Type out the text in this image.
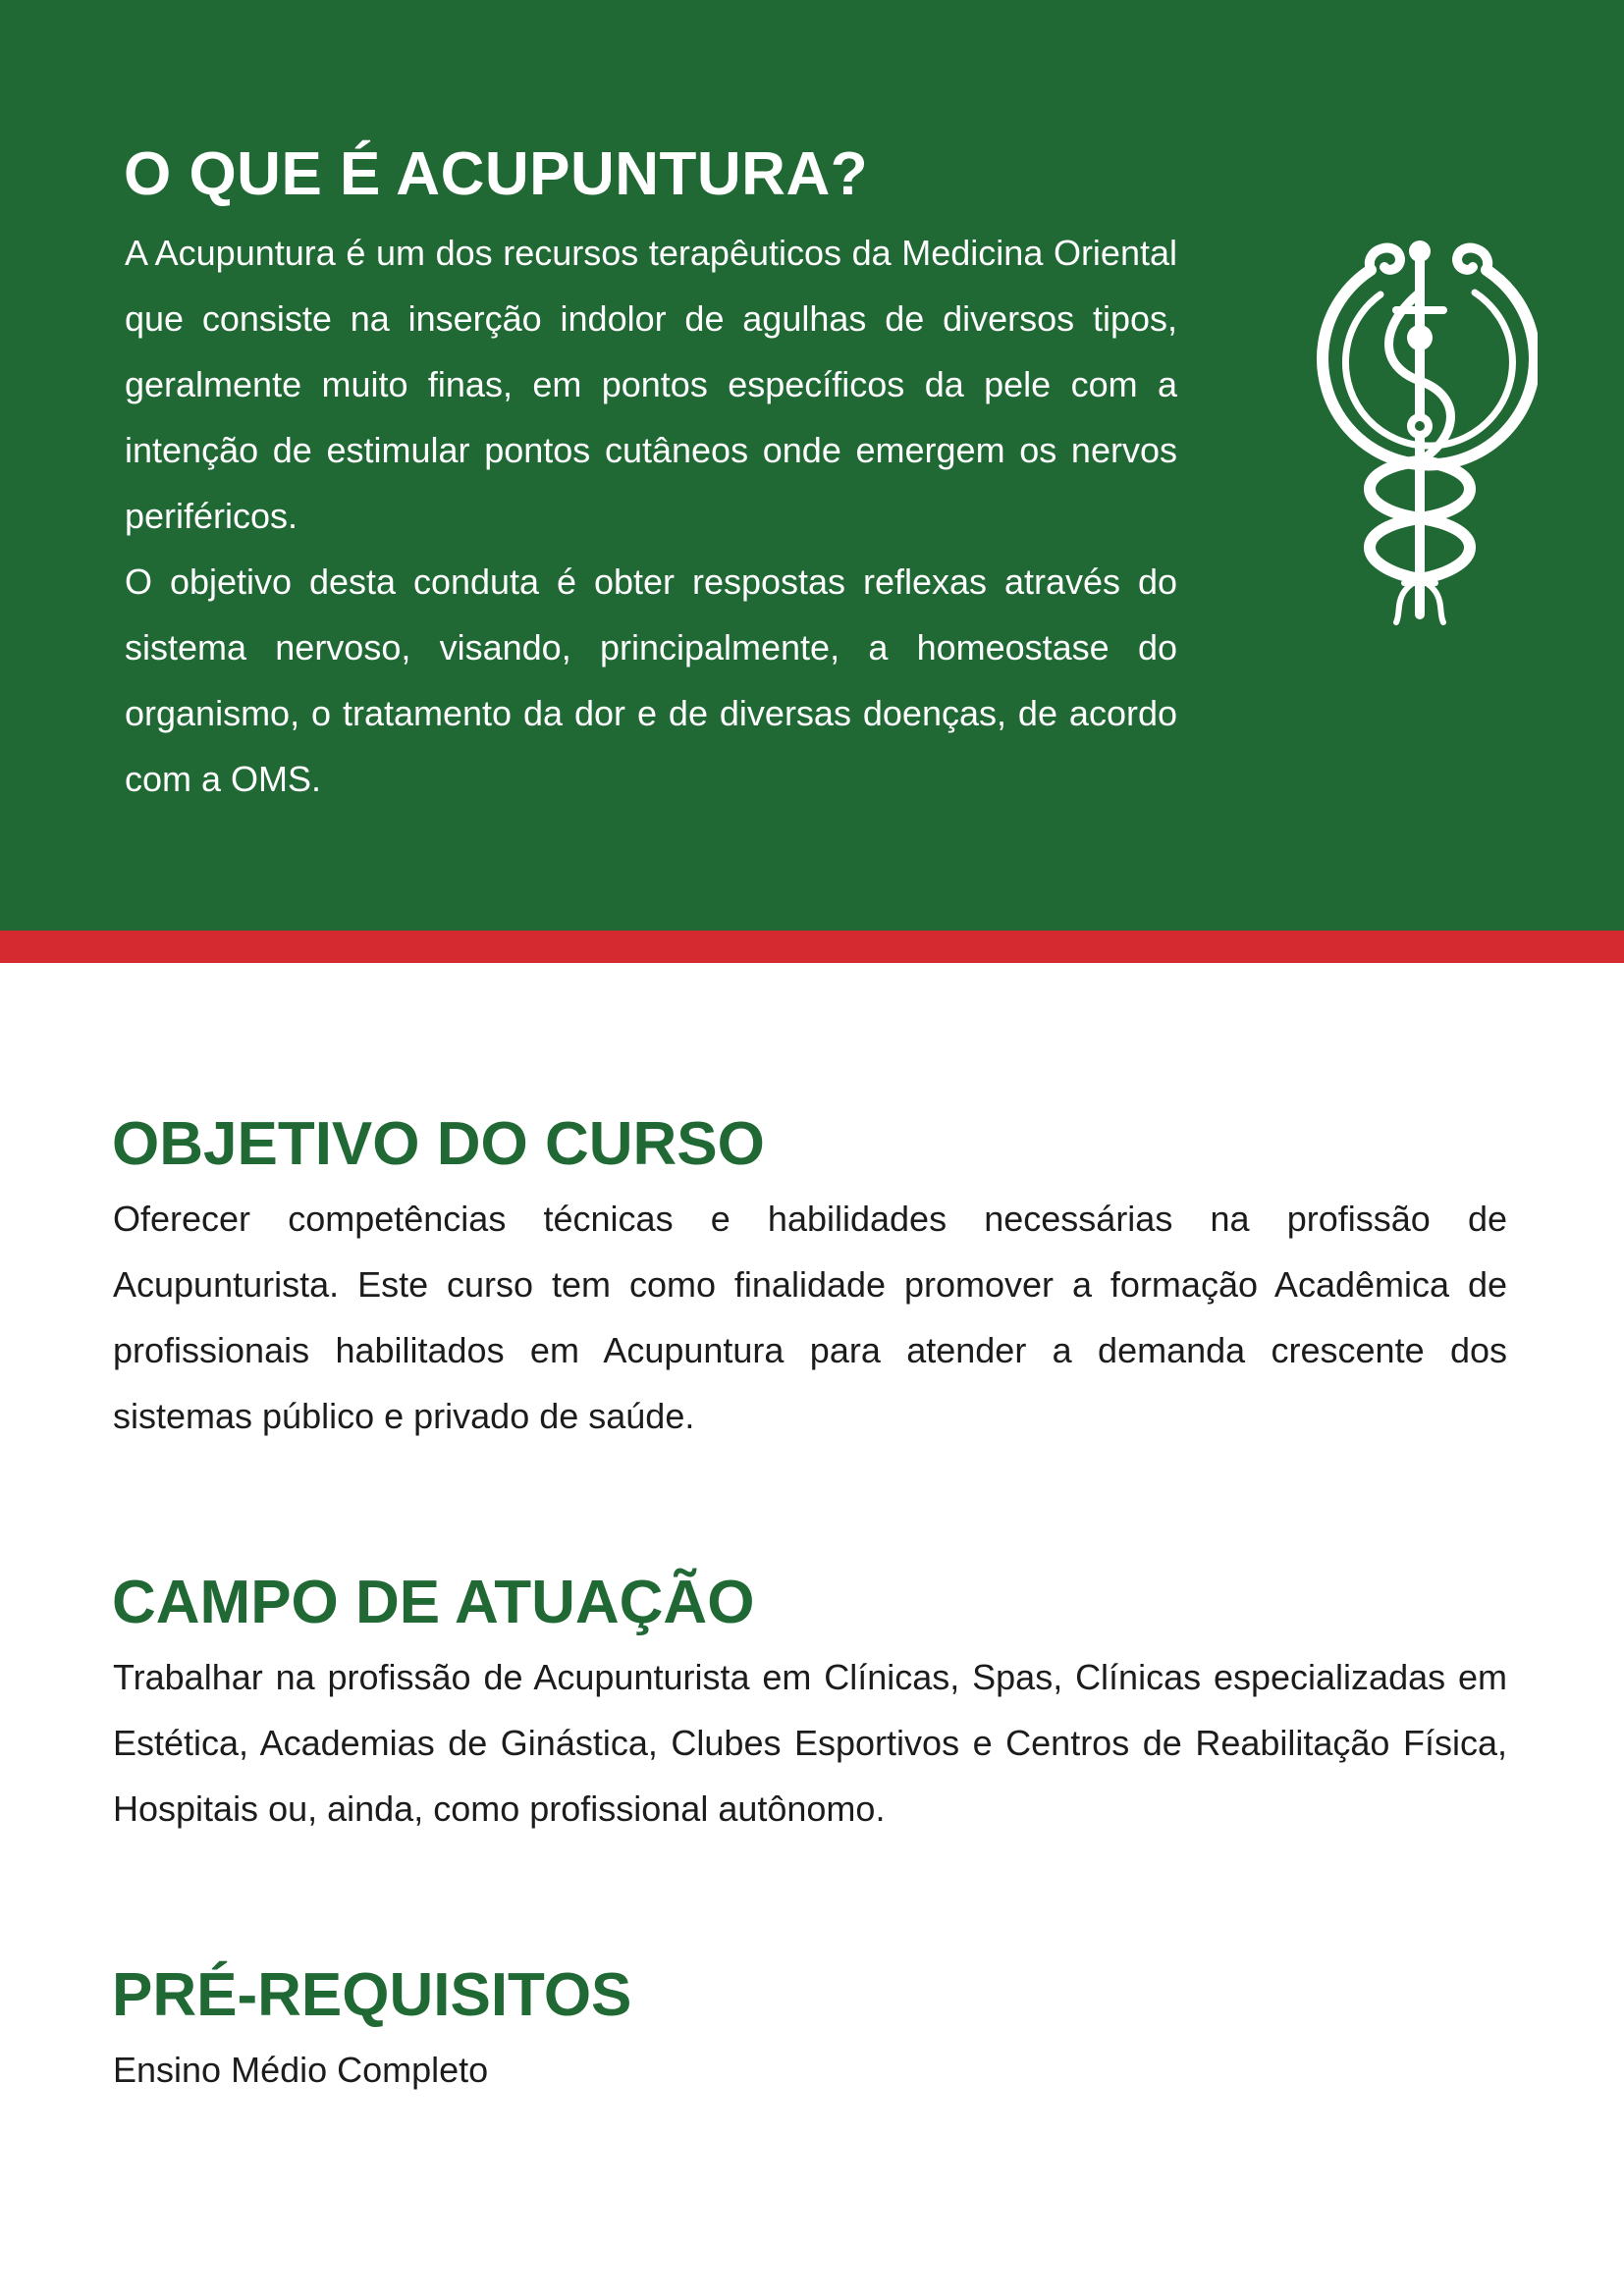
O QUE É ACUPUNTURA?

A Acupuntura é um dos recursos terapêuticos da Medicina Oriental que consiste na inserção indolor de agulhas de diversos tipos, geralmente muito finas, em pontos específicos da pele com a intenção de estimular pontos cutâneos onde emergem os nervos periféricos.

O objetivo desta conduta é obter respostas reflexas através do sistema nervoso, visando, principalmente, a homeostase do organismo, o tratamento da dor e de diversas doenças, de acordo com a OMS.

OBJETIVO DO CURSO

Oferecer competências técnicas e habilidades necessárias na profissão de Acupunturista. Este curso tem como finalidade promover a formação Acadêmica de profissionais habilitados em Acupuntura para atender a demanda crescente dos sistemas público e privado de saúde.

CAMPO DE ATUAÇÃO

Trabalhar na profissão de Acupunturista em Clínicas, Spas, Clínicas especializadas em Estética, Academias de Ginástica, Clubes Esportivos e Centros de Reabilitação Física, Hospitais ou, ainda, como profissional autônomo.

PRÉ-REQUISITOS

Ensino Médio Completo
